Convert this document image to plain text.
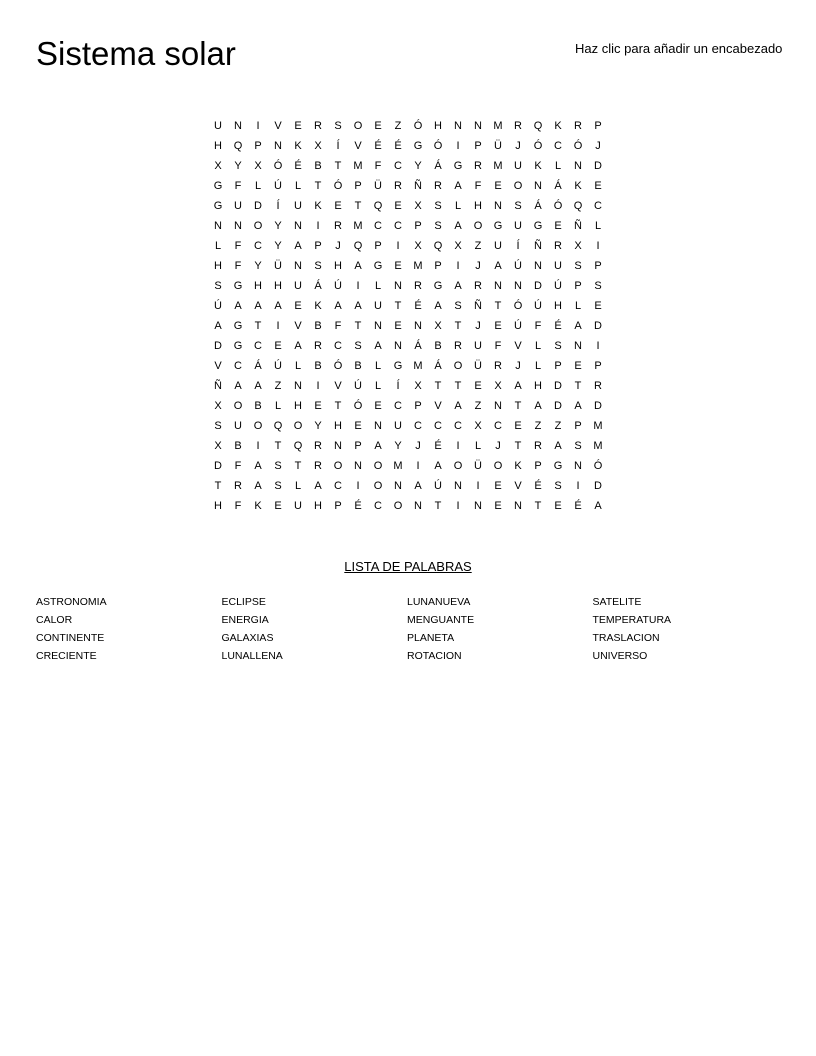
Sistema solar	Haz clic para añadir un encabezado
U	N	I	V	E	R	S	O	E	Z	Ó	H	N	N	M	R	Q	K	R	P
H	Q	P	N	K	X	Í	V	É	É	G	Ó	I	P	Ü	J	Ó	C	Ó	J
X	Y	X	Ó	É	B	T	M	F	C	Y	Á	G	R	M	U	K	L	N	D
G	F	L	Ú	L	T	Ó	P	Ü	R	Ñ	R	A	F	E	O	N	Á	K	E
G	U	D	Í	U	K	E	T	Q	E	X	S	L	H	N	S	Á	Ó	Q	C
N	N	O	Y	N	I	R	M	C	C	P	S	A	O	G	U	G	E	Ñ	L
L	F	C	Y	A	P	J	Q	P	I	X	Q	X	Z	U	Í	Ñ	R	X	I
H	F	Y	Ü	N	S	H	A	G	E	M	P	I	J	A	Ú	N	U	S	P
S	G	H	H	U	Á	Ú	I	L	N	R	G	A	R	N	N	D	Ú	P	S
Ú	A	A	A	E	K	A	A	U	T	É	A	S	Ñ	T	Ó	Ú	H	L	E
A	G	T	I	V	B	F	T	N	E	N	X	T	J	E	Ú	F	É	A	D
D	G	C	E	A	R	C	S	A	N	Á	B	R	U	F	V	L	S	N	I
V	C	Á	Ú	L	B	Ó	B	L	G	M	Á	O	Ü	R	J	L	P	E	P
Ñ	A	A	Z	N	I	V	Ú	L	Í	X	T	T	E	X	A	H	D	T	R
X	O	B	L	H	E	T	Ó	E	C	P	V	A	Z	N	T	A	D	A	D
S	U	O	Q	O	Y	H	E	N	U	C	C	C	X	C	E	Z	Z	P	M
X	B	I	T	Q	R	N	P	A	Y	J	É	I	L	J	T	R	A	S	M
D	F	A	S	T	R	O	N	O	M	I	A	O	Ü	O	K	P	G	N	Ó
T	R	A	S	L	A	C	I	O	N	A	Ú	N	I	E	V	É	S	I	D
H	F	K	E	U	H	P	É	C	O	N	T	I	N	E	N	T	E	É	A
LISTA DE PALABRAS
ASTRONOMIA
CALOR
CONTINENTE
CRECIENTE
ECLIPSE
ENERGIA
GALAXIAS
LUNALLENA
LUNANUEVA
MENGUANTE
PLANETA
ROTACION
SATELITE
TEMPERATURA
TRASLACION
UNIVERSO
